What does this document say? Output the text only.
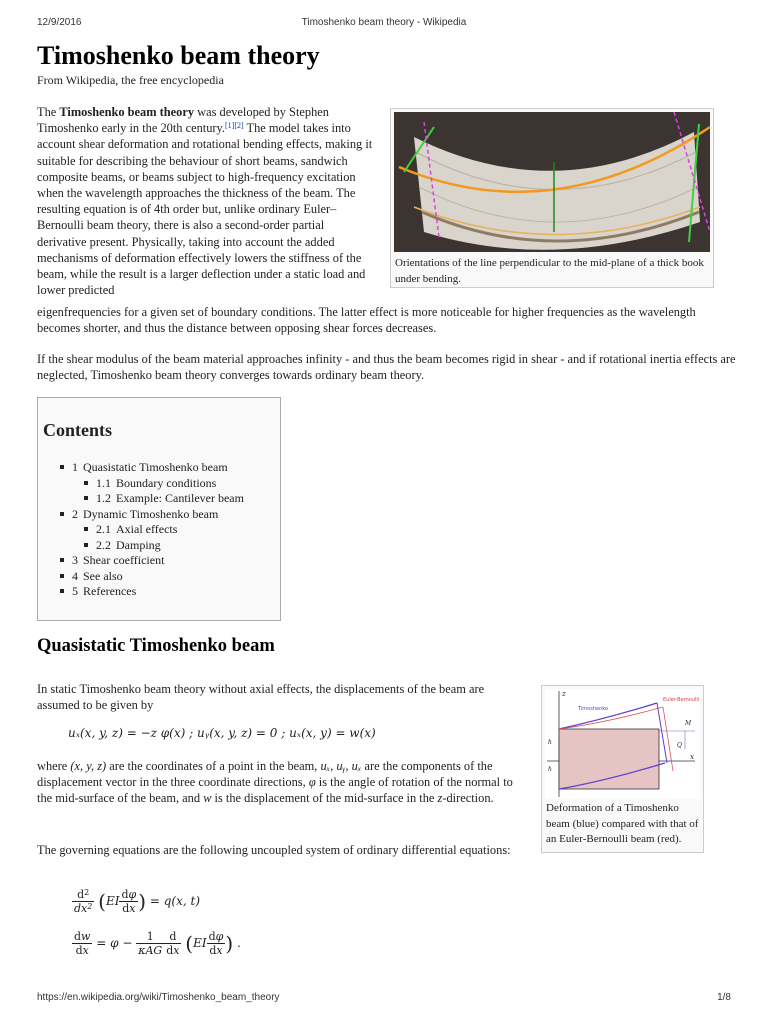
12/9/2016	Timoshenko beam theory - Wikipedia
Timoshenko beam theory
From Wikipedia, the free encyclopedia
Orientations of the line perpendicular to the mid-plane of a thick book under bending.

The Timoshenko beam theory was developed by Stephen Timoshenko early in the 20th century.[1][2] The model takes into account shear deformation and rotational bending effects, making it suitable for describing the behaviour of short beams, sandwich composite beams, or beams subject to high-frequency excitation when the wavelength approaches the thickness of the beam. The resulting equation is of 4th order but, unlike ordinary Euler–Bernoulli beam theory, there is also a second-order partial derivative present. Physically, taking into account the added mechanisms of deformation effectively lowers the stiffness of the beam, while the result is a larger deflection under a static load and lower predicted

eigenfrequencies for a given set of boundary conditions. The latter effect is more noticeable for higher frequencies as the wavelength becomes shorter, and thus the distance between opposing shear forces decreases.

If the shear modulus of the beam material approaches infinity - and thus the beam becomes rigid in shear - and if rotational inertia effects are neglected, Timoshenko beam theory converges towards ordinary beam theory.

Contents
1 Quasistatic Timoshenko beam
1.1 Boundary conditions
1.2 Example: Cantilever beam
2 Dynamic Timoshenko beam
2.1 Axial effects
2.2 Damping
3 Shear coefficient
4 See also
5 References
Quasistatic Timoshenko beam

In static Timoshenko beam theory without axial effects, the displacements of the beam are assumed to be given by

uₓ(x, y, z) = −z φ(x) ; uᵧ(x, y, z) = 0 ; uₓ(x, y) = w(x)

where (x, y, z) are the coordinates of a point in the beam, uₓ, uᵧ, uₓ are the components of the displacement vector in the three coordinate directions, φ is the angle of rotation of the normal to the mid-surface of the beam, and w is the displacement of the mid-surface in the z-direction.

The governing equations are the following uncoupled system of ordinary differential equations:

$\frac{d^2}{dx^2} (EI \frac{d\varphi}{dx}$ ) = q(x, t)
$\frac{dw}{dx} = \varphi - \frac{1}{\text{κAG}} \frac{d}{dx} (EI \frac{d\varphi}{dx}$ ) .
z
x
h
h
Timoshenko
Euler-Bernoulli
M
Q
Deformation of a Timoshenko beam (blue) compared with that of an Euler-Bernoulli beam (red).
https://en.wikipedia.org/wiki/Timoshenko_beam_theory	1/8
